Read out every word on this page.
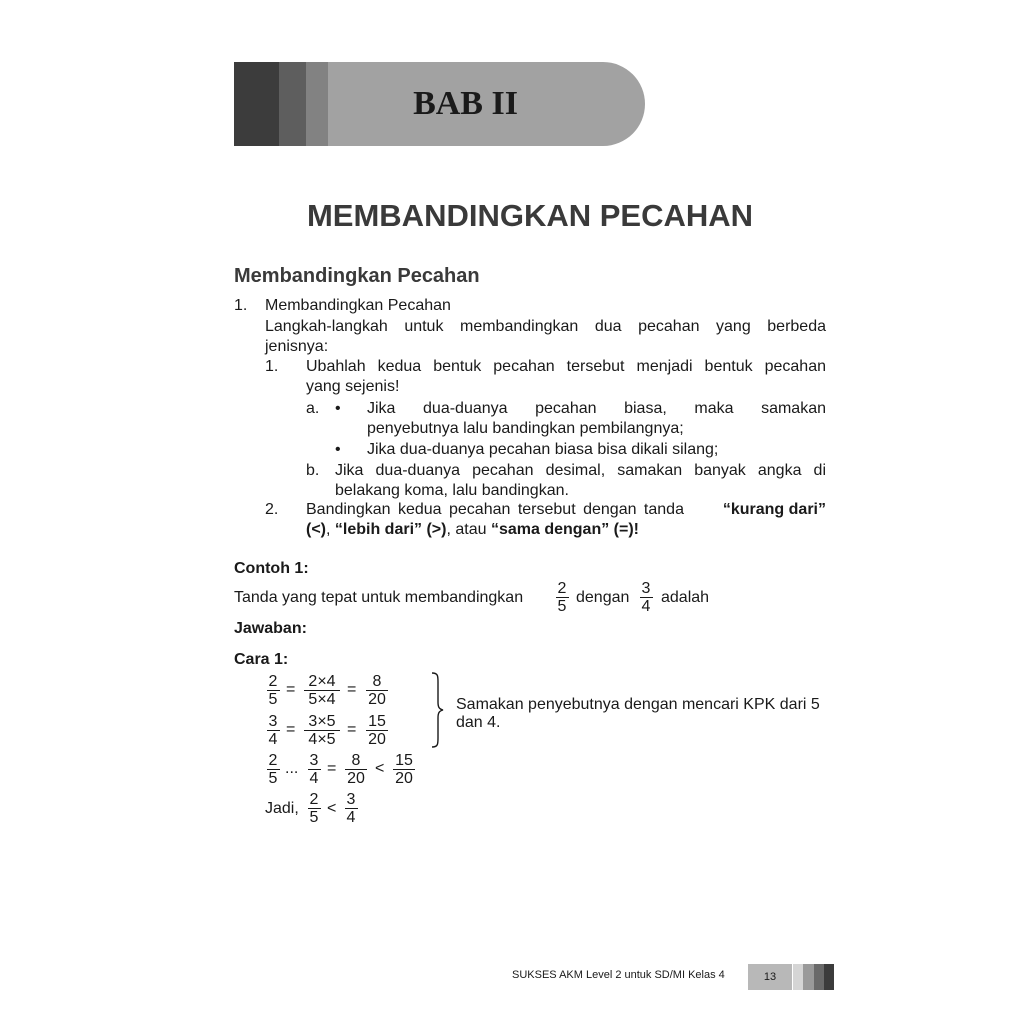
BAB II
MEMBANDINGKAN PECAHAN
Membandingkan Pecahan
1. Membandingkan Pecahan
Langkah-langkah untuk membandingkan dua pecahan yang berbeda
jenisnya:
1. Ubahlah kedua bentuk pecahan tersebut menjadi bentuk pecahan
yang sejenis!
a. • Jika dua-duanya pecahan biasa, maka samakan
penyebutnya lalu bandingkan pembilangnya;
• Jika dua-duanya pecahan biasa bisa dikali silang;
b. Jika dua-duanya pecahan desimal, samakan banyak angka di
belakang koma, lalu bandingkan.
2. Bandingkan kedua pecahan tersebut dengan tanda “kurang dari”
(<), “lebih dari” (>), atau “sama dengan” (=)!
Contoh 1:
Tanda yang tepat untuk membandingkan
2
5
dengan
3
4
adalah
Jawaban:
Cara 1:
2
5
= 2×4
5×4
=	8
20
3
4
= 3×5
4×5
= 15
20
Samakan penyebutnya dengan mencari KPK dari 5
dan 4.
2
5
... 3
4
= 8
20
< 15
20
Jadi,
2
5
<
3
4
SUKSES AKM Level 2 untuk SD/MI Kelas 4	13
